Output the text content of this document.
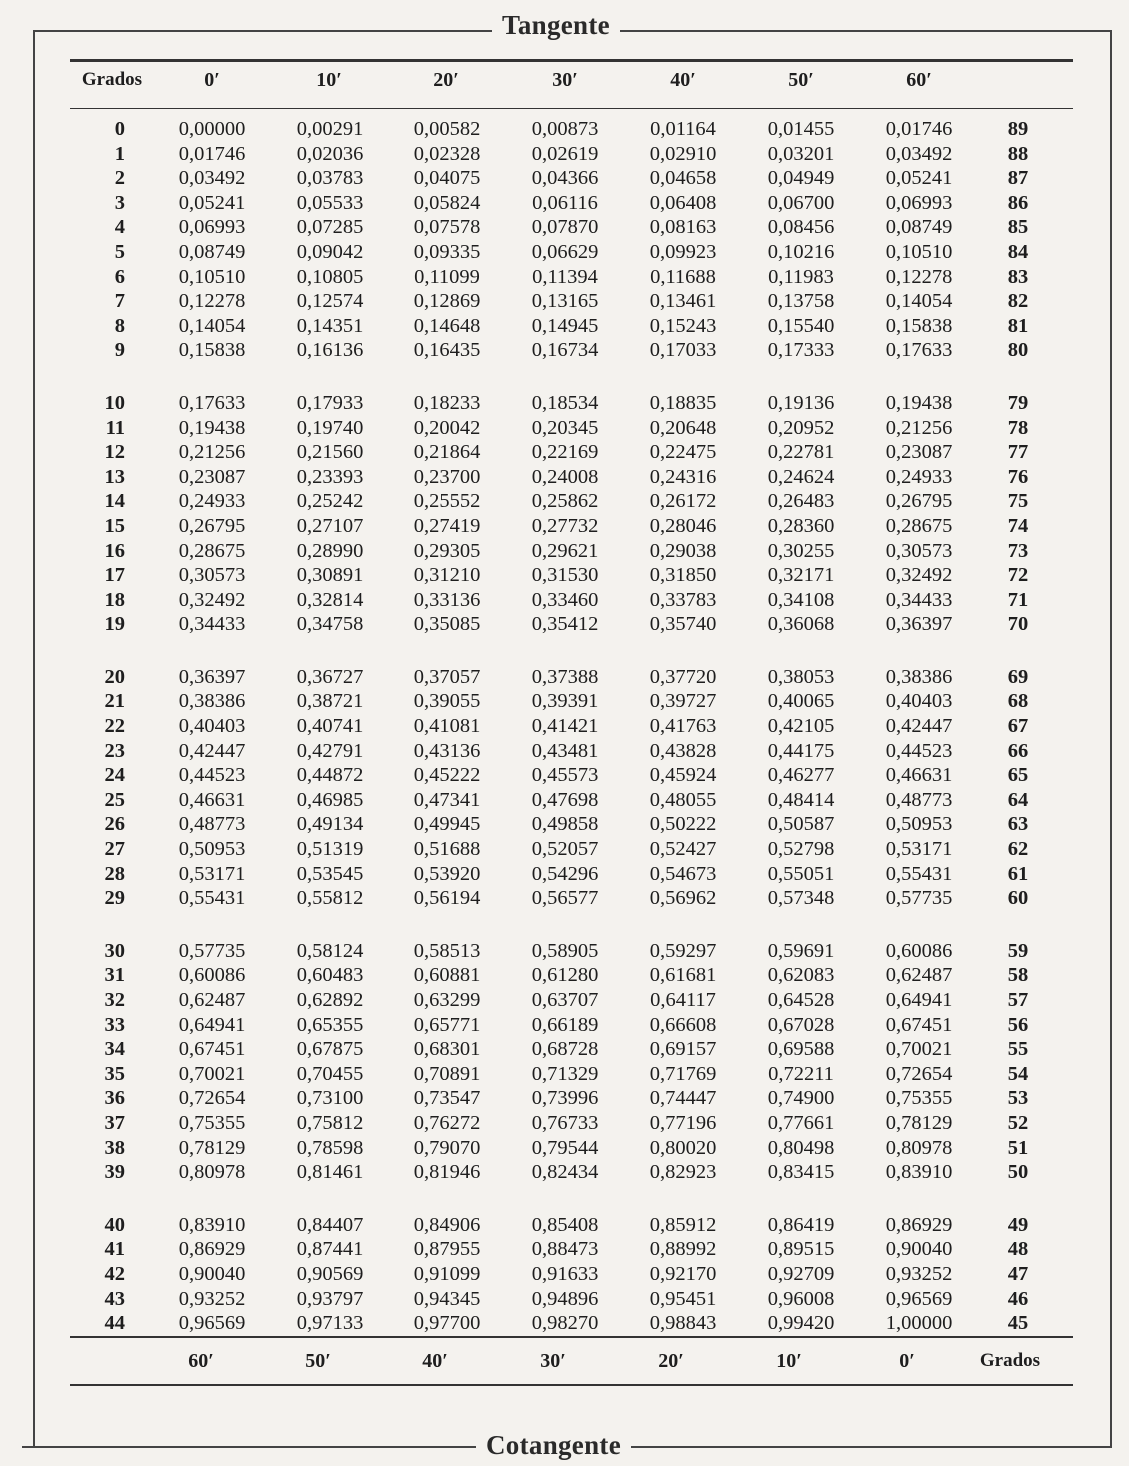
Tangente
Cotangente
Grados	0′	10′	20′	30′	40′	50′	60′
0	0,00000	0,00291	0,00582	0,00873	0,01164	0,01455	0,01746	89
1	0,01746	0,02036	0,02328	0,02619	0,02910	0,03201	0,03492	88
2	0,03492	0,03783	0,04075	0,04366	0,04658	0,04949	0,05241	87
3	0,05241	0,05533	0,05824	0,06116	0,06408	0,06700	0,06993	86
4	0,06993	0,07285	0,07578	0,07870	0,08163	0,08456	0,08749	85
5	0,08749	0,09042	0,09335	0,06629	0,09923	0,10216	0,10510	84
6	0,10510	0,10805	0,11099	0,11394	0,11688	0,11983	0,12278	83
7	0,12278	0,12574	0,12869	0,13165	0,13461	0,13758	0,14054	82
8	0,14054	0,14351	0,14648	0,14945	0,15243	0,15540	0,15838	81
9	0,15838	0,16136	0,16435	0,16734	0,17033	0,17333	0,17633	80
10	0,17633	0,17933	0,18233	0,18534	0,18835	0,19136	0,19438	79
11	0,19438	0,19740	0,20042	0,20345	0,20648	0,20952	0,21256	78
12	0,21256	0,21560	0,21864	0,22169	0,22475	0,22781	0,23087	77
13	0,23087	0,23393	0,23700	0,24008	0,24316	0,24624	0,24933	76
14	0,24933	0,25242	0,25552	0,25862	0,26172	0,26483	0,26795	75
15	0,26795	0,27107	0,27419	0,27732	0,28046	0,28360	0,28675	74
16	0,28675	0,28990	0,29305	0,29621	0,29038	0,30255	0,30573	73
17	0,30573	0,30891	0,31210	0,31530	0,31850	0,32171	0,32492	72
18	0,32492	0,32814	0,33136	0,33460	0,33783	0,34108	0,34433	71
19	0,34433	0,34758	0,35085	0,35412	0,35740	0,36068	0,36397	70
20	0,36397	0,36727	0,37057	0,37388	0,37720	0,38053	0,38386	69
21	0,38386	0,38721	0,39055	0,39391	0,39727	0,40065	0,40403	68
22	0,40403	0,40741	0,41081	0,41421	0,41763	0,42105	0,42447	67
23	0,42447	0,42791	0,43136	0,43481	0,43828	0,44175	0,44523	66
24	0,44523	0,44872	0,45222	0,45573	0,45924	0,46277	0,46631	65
25	0,46631	0,46985	0,47341	0,47698	0,48055	0,48414	0,48773	64
26	0,48773	0,49134	0,49945	0,49858	0,50222	0,50587	0,50953	63
27	0,50953	0,51319	0,51688	0,52057	0,52427	0,52798	0,53171	62
28	0,53171	0,53545	0,53920	0,54296	0,54673	0,55051	0,55431	61
29	0,55431	0,55812	0,56194	0,56577	0,56962	0,57348	0,57735	60
30	0,57735	0,58124	0,58513	0,58905	0,59297	0,59691	0,60086	59
31	0,60086	0,60483	0,60881	0,61280	0,61681	0,62083	0,62487	58
32	0,62487	0,62892	0,63299	0,63707	0,64117	0,64528	0,64941	57
33	0,64941	0,65355	0,65771	0,66189	0,66608	0,67028	0,67451	56
34	0,67451	0,67875	0,68301	0,68728	0,69157	0,69588	0,70021	55
35	0,70021	0,70455	0,70891	0,71329	0,71769	0,72211	0,72654	54
36	0,72654	0,73100	0,73547	0,73996	0,74447	0,74900	0,75355	53
37	0,75355	0,75812	0,76272	0,76733	0,77196	0,77661	0,78129	52
38	0,78129	0,78598	0,79070	0,79544	0,80020	0,80498	0,80978	51
39	0,80978	0,81461	0,81946	0,82434	0,82923	0,83415	0,83910	50
40	0,83910	0,84407	0,84906	0,85408	0,85912	0,86419	0,86929	49
41	0,86929	0,87441	0,87955	0,88473	0,88992	0,89515	0,90040	48
42	0,90040	0,90569	0,91099	0,91633	0,92170	0,92709	0,93252	47
43	0,93252	0,93797	0,94345	0,94896	0,95451	0,96008	0,96569	46
44	0,96569	0,97133	0,97700	0,98270	0,98843	0,99420	1,00000	45
60′	50′	40′	30′	20′	10′	0′	Grados
